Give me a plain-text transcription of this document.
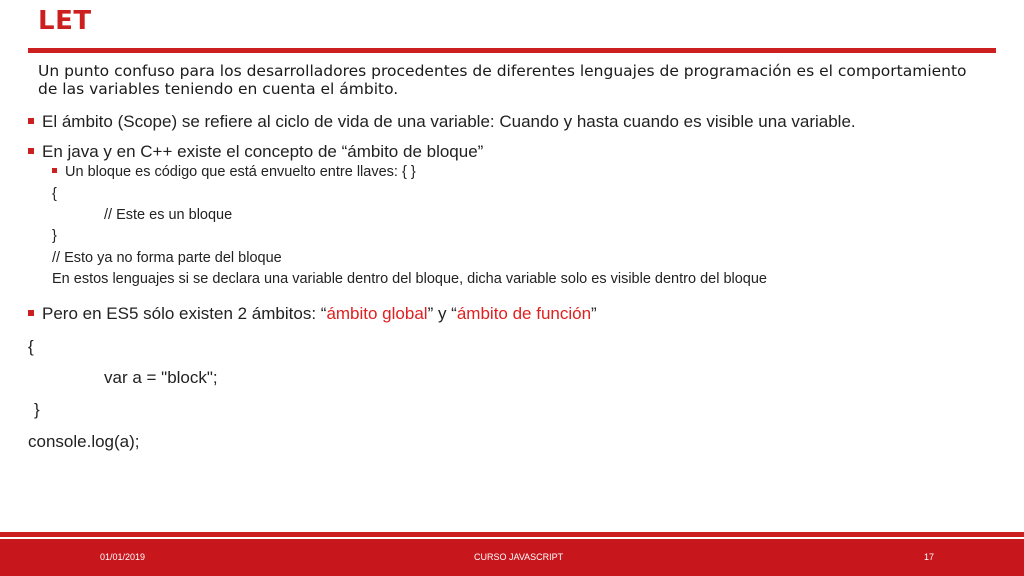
LET
Un punto confuso para los desarrolladores procedentes de diferentes lenguajes de programación es el comportamiento de las variables teniendo en cuenta el ámbito.
El ámbito (Scope) se refiere al ciclo de vida de una variable: Cuando y hasta cuando es visible una variable.
En java y en C++ existe el concepto de “ámbito de bloque”
Un bloque es código que está envuelto entre llaves: { }
{
// Este es un bloque
}
// Esto ya no forma parte del bloque
En estos lenguajes si se declara una variable dentro del bloque, dicha variable solo es visible dentro del bloque
Pero en ES5 sólo existen 2 ámbitos: “ámbito global” y “ámbito de función”
{
var a = "block";
}
console.log(a);
01/01/2019	CURSO JAVASCRIPT	17
